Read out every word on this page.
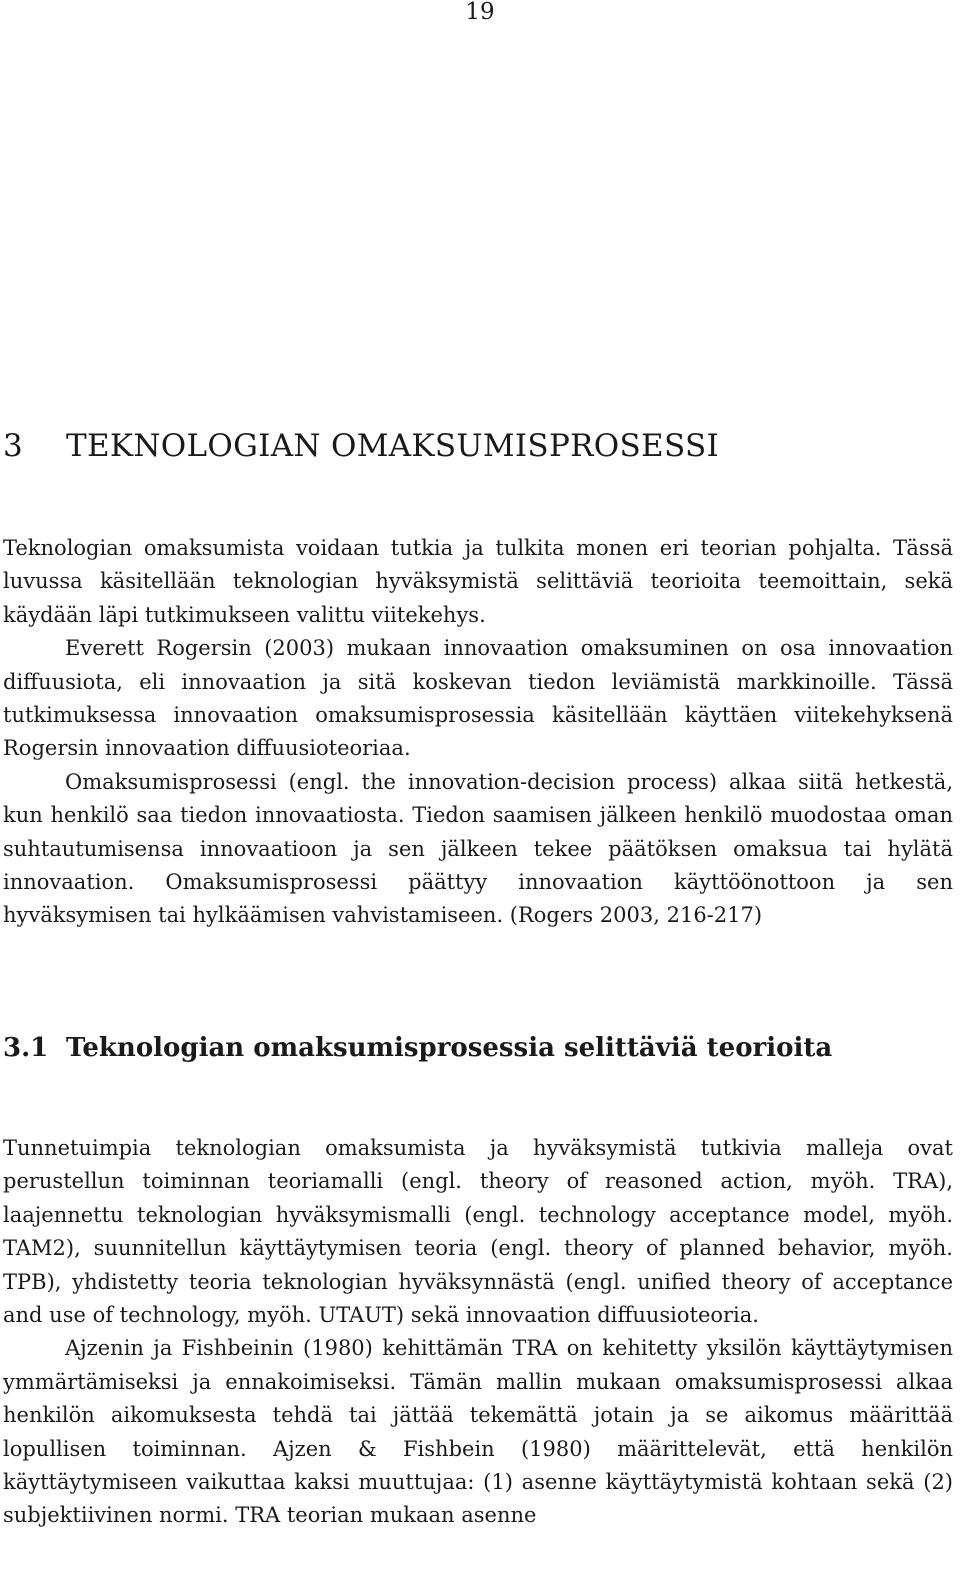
19
3 TEKNOLOGIAN OMAKSUMISPROSESSI

Teknologian omaksumista voidaan tutkia ja tulkita monen eri teorian pohjalta. Tässä luvussa käsitellään teknologian hyväksymistä selittäviä teorioita teemoittain, sekä käydään läpi tutkimukseen valittu viitekehys.

Everett Rogersin (2003) mukaan innovaation omaksuminen on osa innovaation diffuusiota, eli innovaation ja sitä koskevan tiedon leviämistä markkinoille. Tässä tutkimuksessa innovaation omaksumisprosessia käsitellään käyttäen viitekehyksenä Rogersin innovaation diffuusioteoriaa.

Omaksumisprosessi (engl. the innovation-decision process) alkaa siitä hetkestä, kun henkilö saa tiedon innovaatiosta. Tiedon saamisen jälkeen henkilö muodostaa oman suhtautumisensa innovaatioon ja sen jälkeen tekee päätöksen omaksua tai hylätä innovaation. Omaksumisprosessi päättyy innovaation käyttöönottoon ja sen hyväksymisen tai hylkäämisen vahvistamiseen. (Rogers 2003, 216-217)

3.1 Teknologian omaksumisprosessia selittäviä teorioita

Tunnetuimpia teknologian omaksumista ja hyväksymistä tutkivia malleja ovat perustellun toiminnan teoriamalli (engl. theory of reasoned action, myöh. TRA), laajennettu teknologian hyväksymismalli (engl. technology acceptance model, myöh. TAM2), suunnitellun käyttäytymisen teoria (engl. theory of planned behavior, myöh. TPB), yhdistetty teoria teknologian hyväksynnästä (engl. unified theory of acceptance and use of technology, myöh. UTAUT) sekä innovaation diffuusioteoria.

Ajzenin ja Fishbeinin (1980) kehittämän TRA on kehitetty yksilön käyttäytymisen ymmärtämiseksi ja ennakoimiseksi. Tämän mallin mukaan omaksumisprosessi alkaa henkilön aikomuksesta tehdä tai jättää tekemättä jotain ja se aikomus määrittää lopullisen toiminnan. Ajzen & Fishbein (1980) määrittelevät, että henkilön käyttäytymiseen vaikuttaa kaksi muuttujaa: (1) asenne käyttäytymistä kohtaan sekä (2) subjektiivinen normi. TRA teorian mukaan asenne
